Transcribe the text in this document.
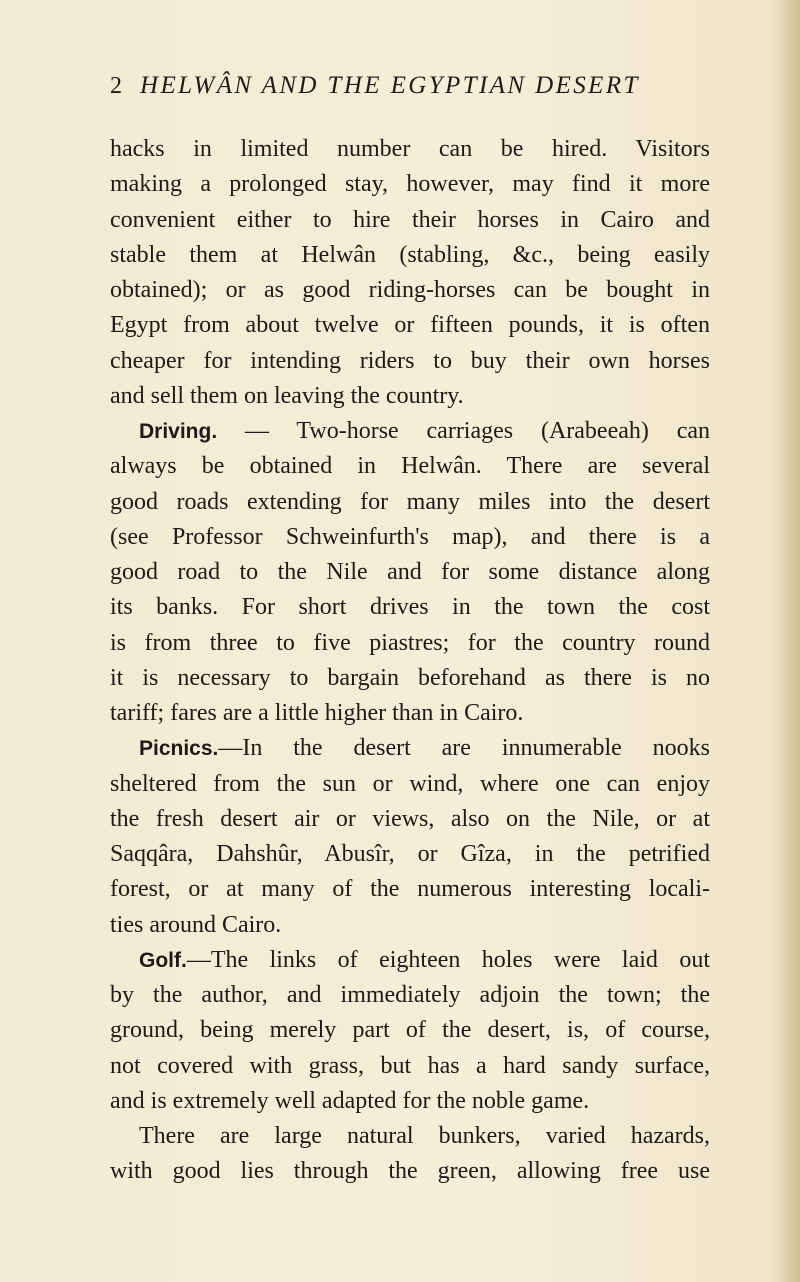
2 HELWÂN AND THE EGYPTIAN DESERT
hacks in limited number can be hired. Visitors
making a prolonged stay, however, may find it more
convenient either to hire their horses in Cairo and
stable them at Helwân (stabling, &c., being easily
obtained); or as good riding-horses can be bought in
Egypt from about twelve or fifteen pounds, it is often
cheaper for intending riders to buy their own horses
and sell them on leaving the country.
Driving. — Two-horse carriages (Arabeeah) can
always be obtained in Helwân. There are several
good roads extending for many miles into the desert
(see Professor Schweinfurth's map), and there is a
good road to the Nile and for some distance along
its banks. For short drives in the town the cost
is from three to five piastres; for the country round
it is necessary to bargain beforehand as there is no
tariff; fares are a little higher than in Cairo.
Picnics.—In the desert are innumerable nooks
sheltered from the sun or wind, where one can enjoy
the fresh desert air or views, also on the Nile, or at
Saqqâra, Dahshûr, Abusîr, or Gîza, in the petrified
forest, or at many of the numerous interesting locali-
ties around Cairo.
Golf.—The links of eighteen holes were laid out
by the author, and immediately adjoin the town; the
ground, being merely part of the desert, is, of course,
not covered with grass, but has a hard sandy surface,
and is extremely well adapted for the noble game.
There are large natural bunkers, varied hazards,
with good lies through the green, allowing free use
